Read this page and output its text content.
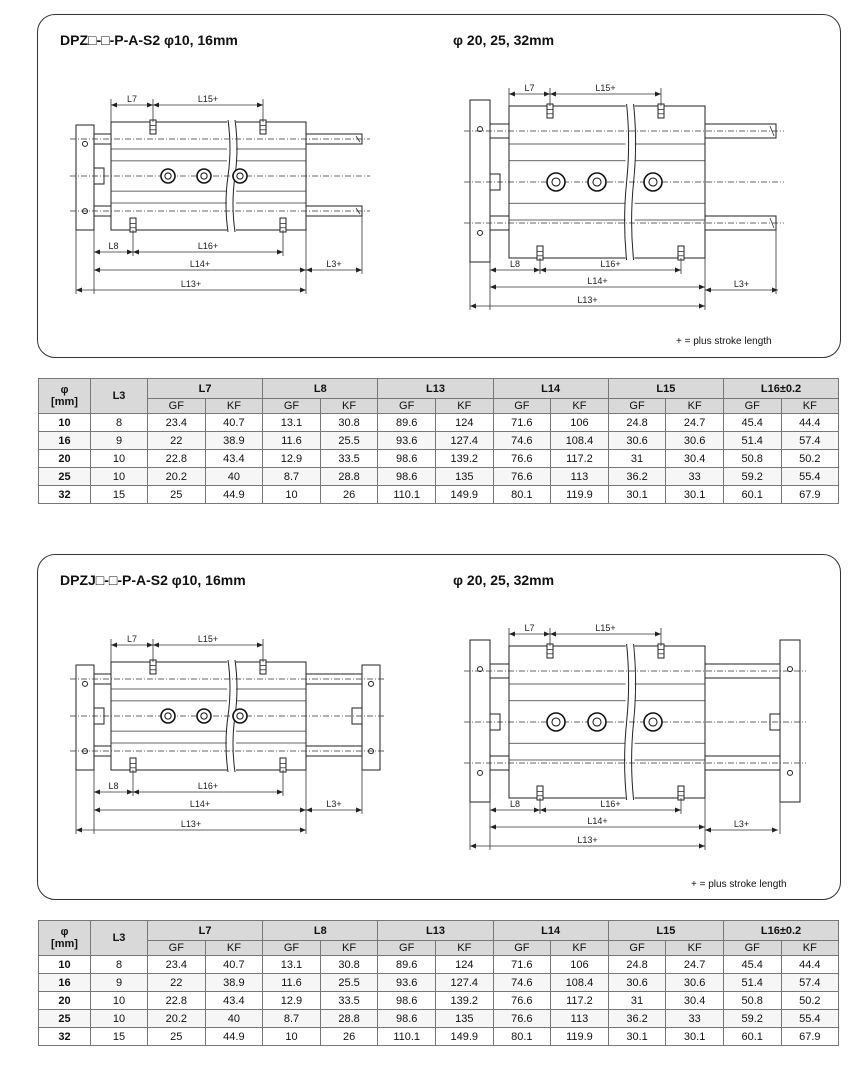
DPZ□-□-P-A-S2 φ10, 16mm	φ 20, 25, 32mm
+ = plus stroke length
L7	L15+
L8	L16+
L14+	L3+
L13+
L7	L15+
L8	L16+
L14+	L3+
L13+
φ
[mm]	L3	L7		L8		L13		L14		L15		L16±0.2	
		GF	KF	GF	KF	GF	KF	GF	KF	GF	KF	GF	KF
10	8	23.4	40.7	13.1	30.8	89.6	124	71.6	106	24.8	24.7	45.4	44.4
16	9	22	38.9	11.6	25.5	93.6	127.4	74.6	108.4	30.6	30.6	51.4	57.4
20	10	22.8	43.4	12.9	33.5	98.6	139.2	76.6	117.2	31	30.4	50.8	50.2
25	10	20.2	40	8.7	28.8	98.6	135	76.6	113	36.2	33	59.2	55.4
32	15	25	44.9	10	26	110.1	149.9	80.1	119.9	30.1	30.1	60.1	67.9
DPZJ□-□-P-A-S2 φ10, 16mm	φ 20, 25, 32mm
+ = plus stroke length
L7	L15+
L8	L16+
L14+	L3+
L13+
L7	L15+
L8	L16+
L14+	L3+
L13+
φ
[mm]	L3	L7		L8		L13		L14		L15		L16±0.2	
		GF	KF	GF	KF	GF	KF	GF	KF	GF	KF	GF	KF
10	8	23.4	40.7	13.1	30.8	89.6	124	71.6	106	24.8	24.7	45.4	44.4
16	9	22	38.9	11.6	25.5	93.6	127.4	74.6	108.4	30.6	30.6	51.4	57.4
20	10	22.8	43.4	12.9	33.5	98.6	139.2	76.6	117.2	31	30.4	50.8	50.2
25	10	20.2	40	8.7	28.8	98.6	135	76.6	113	36.2	33	59.2	55.4
32	15	25	44.9	10	26	110.1	149.9	80.1	119.9	30.1	30.1	60.1	67.9
